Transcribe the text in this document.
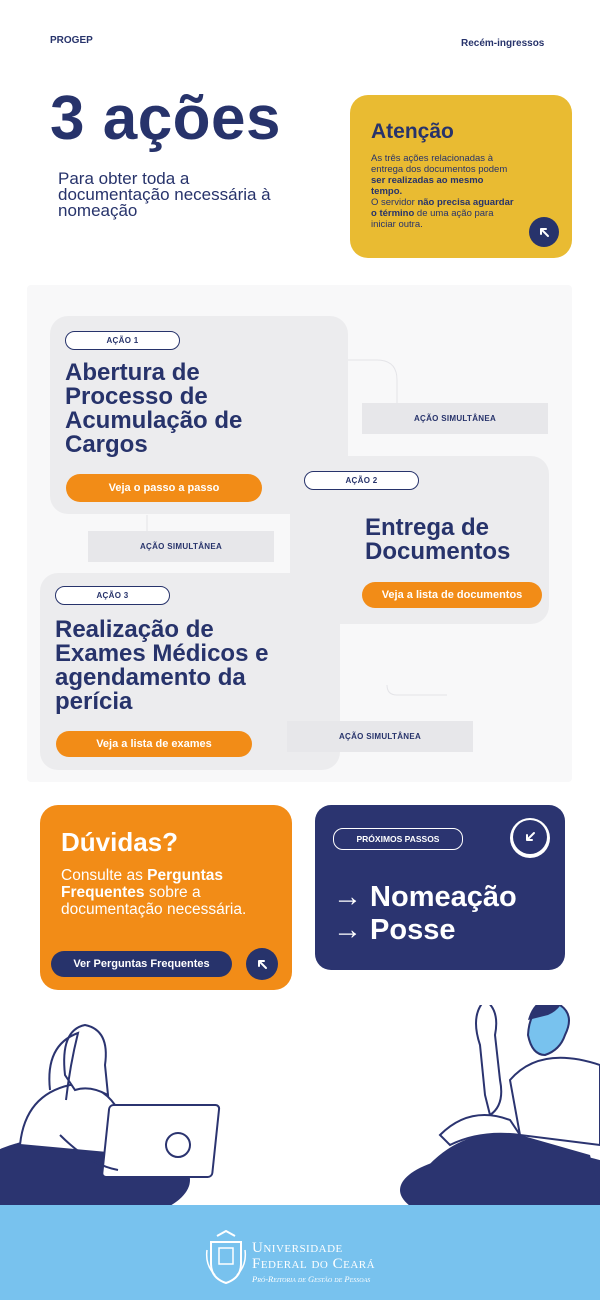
PROGEP	Recém-ingressos
3 ações
Para obter toda a documentação necessária à nomeação
Atenção
As três ações relacionadas à entrega dos documentos podem ser realizadas ao mesmo tempo.
O servidor não precisa aguardar o término de uma ação para iniciar outra.
AÇÃO 1
Abertura de Processo de Acumulação de Cargos
Veja o passo a passo
AÇÃO SIMULTÂNEA
AÇÃO 2
Entrega de Documentos
Veja a lista de documentos
AÇÃO SIMULTÂNEA
AÇÃO 3
Realização de Exames Médicos e agendamento da perícia
Veja a lista de exames
AÇÃO SIMULTÂNEA
Dúvidas?
Consulte as Perguntas Frequentes sobre a documentação necessária.
Ver Perguntas Frequentes
PRÓXIMOS PASSOS
→ Nomeação
→ Posse
Universidade
Federal do Ceará
Pró-Reitoria de Gestão de Pessoas
